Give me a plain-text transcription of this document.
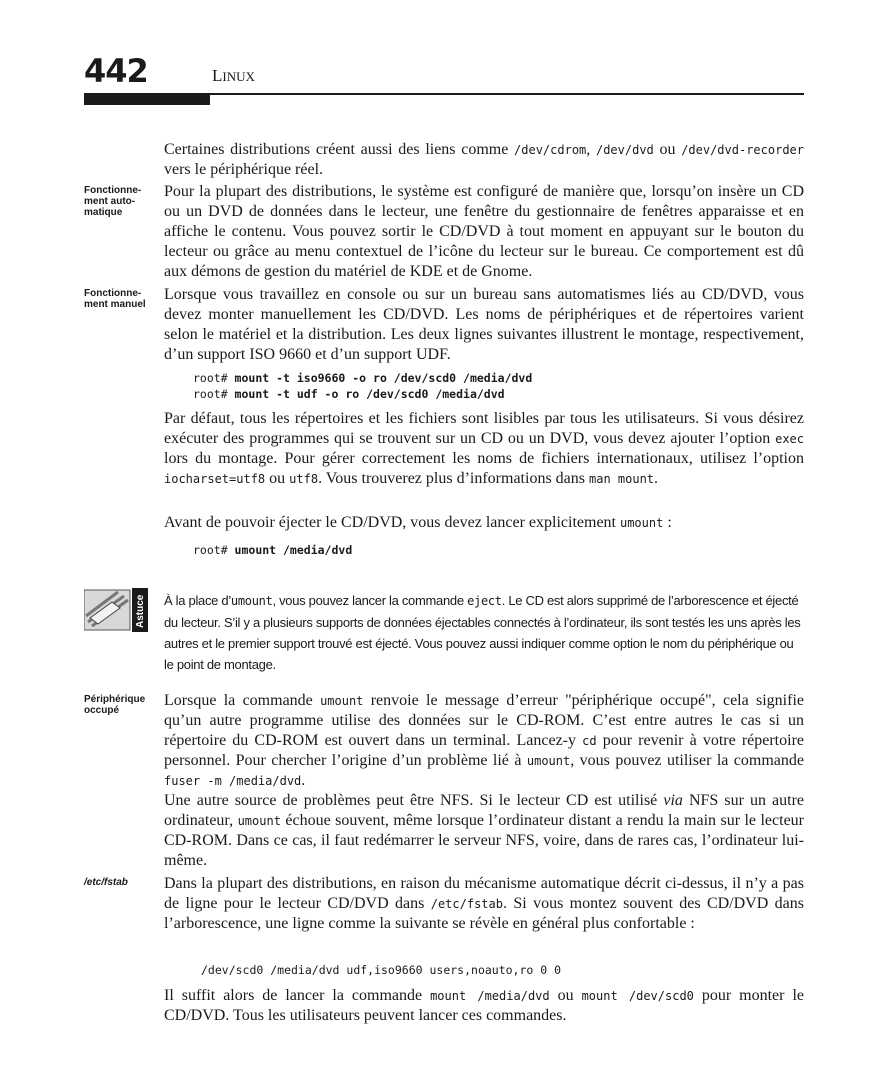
442	LINUX

Certaines distributions créent aussi des liens comme /dev/cdrom, /dev/dvd ou /dev/dvd-recorder vers le périphérique réel.

Fonctionne-ment auto-matique

Pour la plupart des distributions, le système est configuré de manière que, lorsqu’on insère un CD ou un DVD de données dans le lecteur, une fenêtre du gestionnaire de fenêtres apparaisse et en affiche le contenu. Vous pouvez sortir le CD/DVD à tout moment en appuyant sur le bouton du lecteur ou grâce au menu contextuel de l’icône du lecteur sur le bureau. Ce comportement est dû aux démons de gestion du matériel de KDE et de Gnome.

Fonctionne-ment manuel

Lorsque vous travaillez en console ou sur un bureau sans automatismes liés au CD/DVD, vous devez monter manuellement les CD/DVD. Les noms de périphériques et de répertoires varient selon le matériel et la distribution. Les deux lignes suivantes illustrent le montage, respectivement, d’un support ISO 9660 et d’un support UDF.

root# mount -t iso9660 -o ro /dev/scd0 /media/dvd
root# mount -t udf -o ro /dev/scd0 /media/dvd

Par défaut, tous les répertoires et les fichiers sont lisibles par tous les utilisateurs. Si vous désirez exécuter des programmes qui se trouvent sur un CD ou un DVD, vous devez ajouter l’option exec lors du montage. Pour gérer correctement les noms de fichiers internationaux, utilisez l’option iocharset=utf8 ou utf8. Vous trouverez plus d’informations dans man mount.

Avant de pouvoir éjecter le CD/DVD, vous devez lancer explicitement umount :

root# umount /media/dvd
Astuce À la place d’umount, vous pouvez lancer la commande eject. Le CD est alors supprimé de l’arborescence et éjecté du lecteur. S’il y a plusieurs supports de données éjectables connectés à l’ordinateur, ils sont testés les uns après les autres et le premier support trouvé est éjecté. Vous pouvez aussi indiquer comme option le nom du périphérique ou le point de montage.

Périphérique occupé

Lorsque la commande umount renvoie le message d’erreur "périphérique occupé", cela signifie qu’un autre programme utilise des données sur le CD-ROM. C’est entre autres le cas si un répertoire du CD-ROM est ouvert dans un terminal. Lancez-y cd pour revenir à votre répertoire personnel. Pour chercher l’origine d’un problème lié à umount, vous pouvez utiliser la commande fuser -m /media/dvd.

Une autre source de problèmes peut être NFS. Si le lecteur CD est utilisé via NFS sur un autre ordinateur, umount échoue souvent, même lorsque l’ordinateur distant a rendu la main sur le lecteur CD-ROM. Dans ce cas, il faut redémarrer le serveur NFS, voire, dans de rares cas, l’ordinateur lui-même.

/etc/fstab	Dans la plupart des distributions, en raison du mécanisme automatique décrit ci-dessus, il n’y a pas de ligne pour le lecteur CD/DVD dans /etc/fstab. Si vous montez souvent des CD/DVD dans l’arborescence, une ligne comme la suivante se révèle en général plus confortable :

/dev/scd0 /media/dvd udf,iso9660 users,noauto,ro 0 0

Il suffit alors de lancer la commande mount /media/dvd ou mount /dev/scd0 pour monter le CD/DVD. Tous les utilisateurs peuvent lancer ces commandes.
